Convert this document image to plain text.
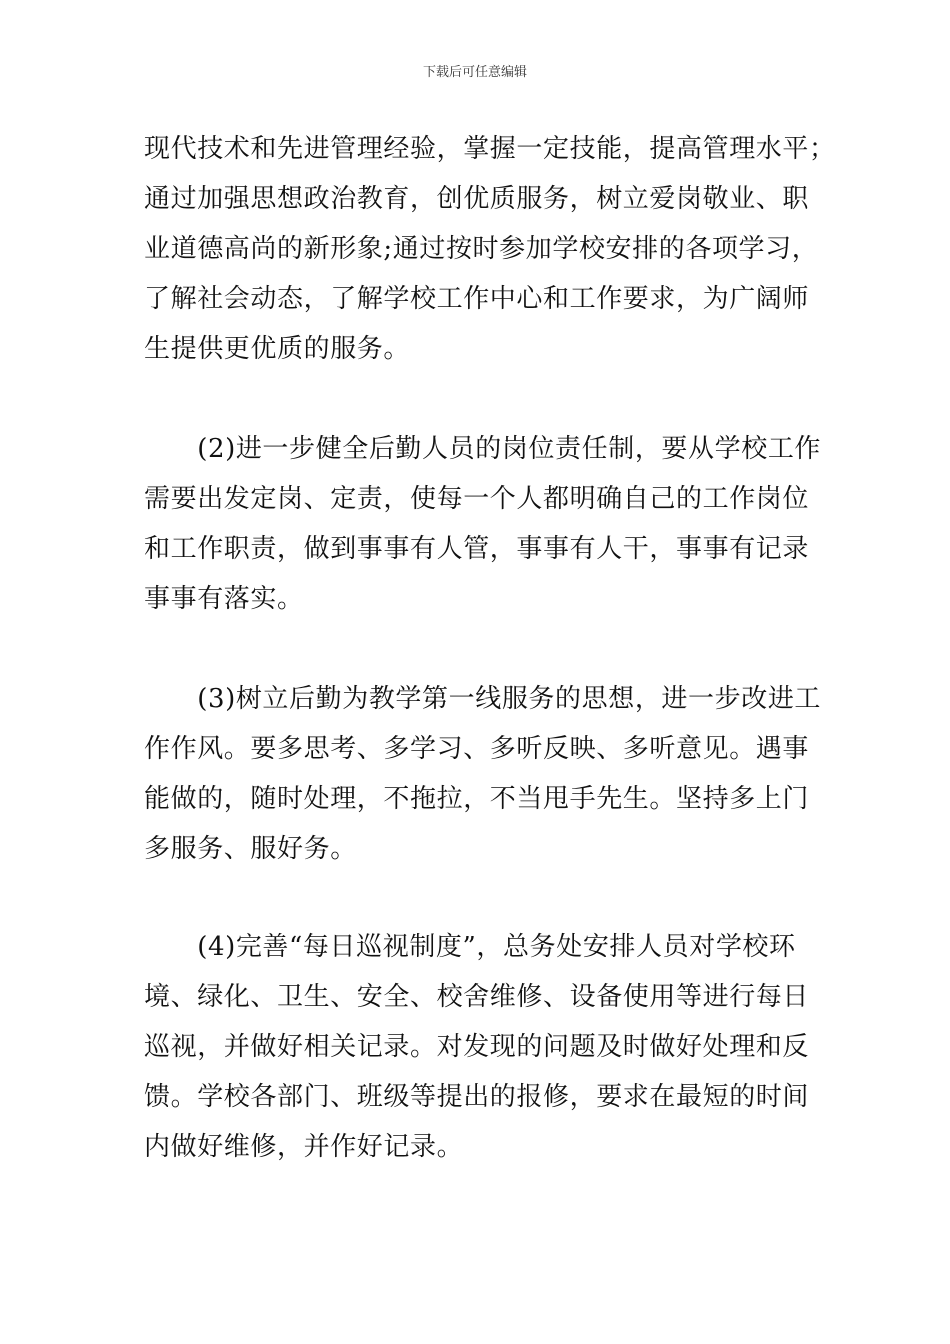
下载后可任意编辑
现代技术和先进管理经验，掌握一定技能，提高管理水平；
通过加强思想政治教育，创优质服务，树立爱岗敬业、职
业道德高尚的新形象;通过按时参加学校安排的各项学习，
了解社会动态，了解学校工作中心和工作要求，为广阔师
生提供更优质的服务。
　　(2)进一步健全后勤人员的岗位责任制，要从学校工作
需要出发定岗、定责，使每一个人都明确自己的工作岗位
和工作职责，做到事事有人管，事事有人干，事事有记录
事事有落实。
　　(3)树立后勤为教学第一线服务的思想，进一步改进工
作作风。要多思考、多学习、多听反映、多听意见。遇事
能做的，随时处理，不拖拉，不当甩手先生。坚持多上门
多服务、服好务。
　　(4)完善“每日巡视制度”，总务处安排人员对学校环
境、绿化、卫生、安全、校舍维修、设备使用等进行每日
巡视，并做好相关记录。对发现的问题及时做好处理和反
馈。学校各部门、班级等提出的报修，要求在最短的时间
内做好维修，并作好记录。
